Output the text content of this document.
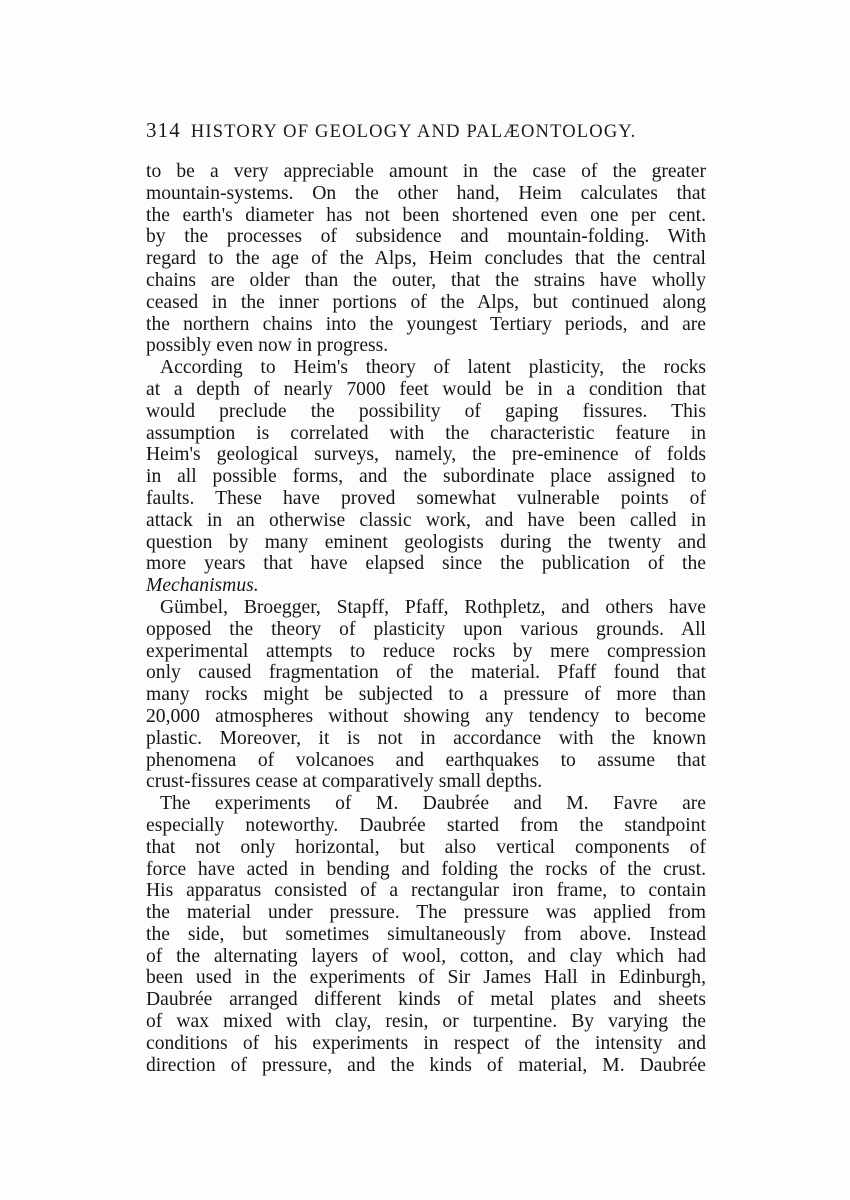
314 HISTORY OF GEOLOGY AND PALÆONTOLOGY.
to be a very appreciable amount in the case of the greater
mountain-systems. On the other hand, Heim calculates that
the earth's diameter has not been shortened even one per cent.
by the processes of subsidence and mountain-folding. With
regard to the age of the Alps, Heim concludes that the central
chains are older than the outer, that the strains have wholly
ceased in the inner portions of the Alps, but continued along
the northern chains into the youngest Tertiary periods, and are
possibly even now in progress.
According to Heim's theory of latent plasticity, the rocks
at a depth of nearly 7000 feet would be in a condition that
would preclude the possibility of gaping fissures. This
assumption is correlated with the characteristic feature in
Heim's geological surveys, namely, the pre-eminence of folds
in all possible forms, and the subordinate place assigned to
faults. These have proved somewhat vulnerable points of
attack in an otherwise classic work, and have been called in
question by many eminent geologists during the twenty and
more years that have elapsed since the publication of the
Mechanismus.
Gümbel, Broegger, Stapff, Pfaff, Rothpletz, and others have
opposed the theory of plasticity upon various grounds. All
experimental attempts to reduce rocks by mere compression
only caused fragmentation of the material. Pfaff found that
many rocks might be subjected to a pressure of more than
20,000 atmospheres without showing any tendency to become
plastic. Moreover, it is not in accordance with the known
phenomena of volcanoes and earthquakes to assume that
crust-fissures cease at comparatively small depths.
The experiments of M. Daubrée and M. Favre are
especially noteworthy. Daubrée started from the standpoint
that not only horizontal, but also vertical components of
force have acted in bending and folding the rocks of the crust.
His apparatus consisted of a rectangular iron frame, to contain
the material under pressure. The pressure was applied from
the side, but sometimes simultaneously from above. Instead
of the alternating layers of wool, cotton, and clay which had
been used in the experiments of Sir James Hall in Edinburgh,
Daubrée arranged different kinds of metal plates and sheets
of wax mixed with clay, resin, or turpentine. By varying the
conditions of his experiments in respect of the intensity and
direction of pressure, and the kinds of material, M. Daubrée
